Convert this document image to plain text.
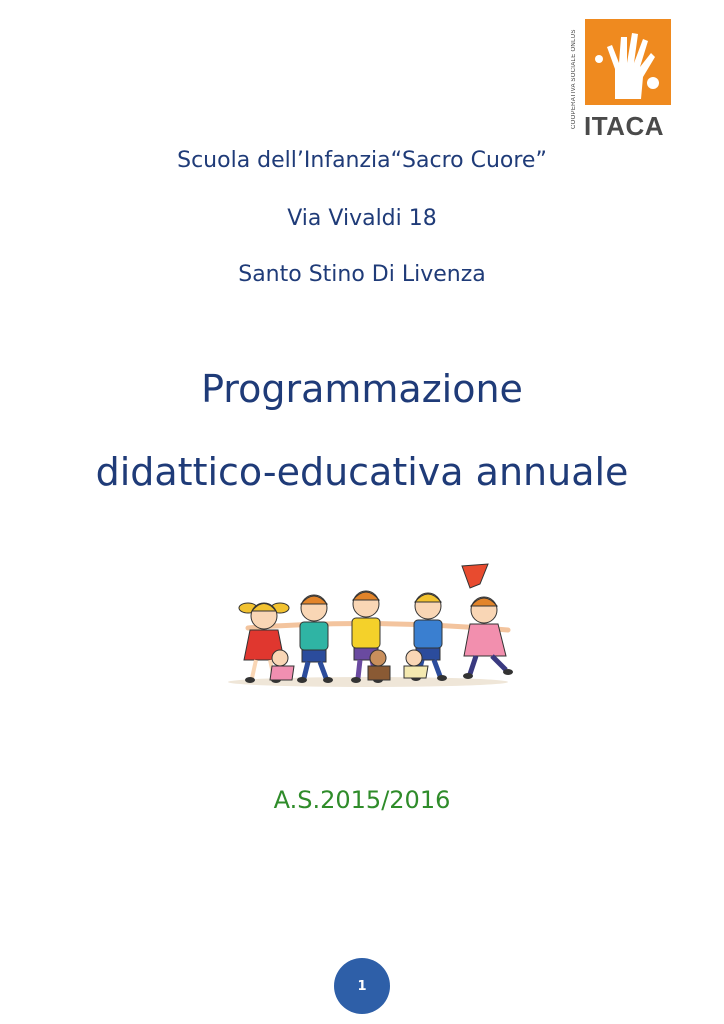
COOPERATIVA SOCIALE ONLUS ITACA
Scuola dell’Infanzia“Sacro Cuore”
Via Vivaldi 18
Santo Stino Di Livenza
Programmazione
didattico-educativa annuale
A.S.2015/2016
1
